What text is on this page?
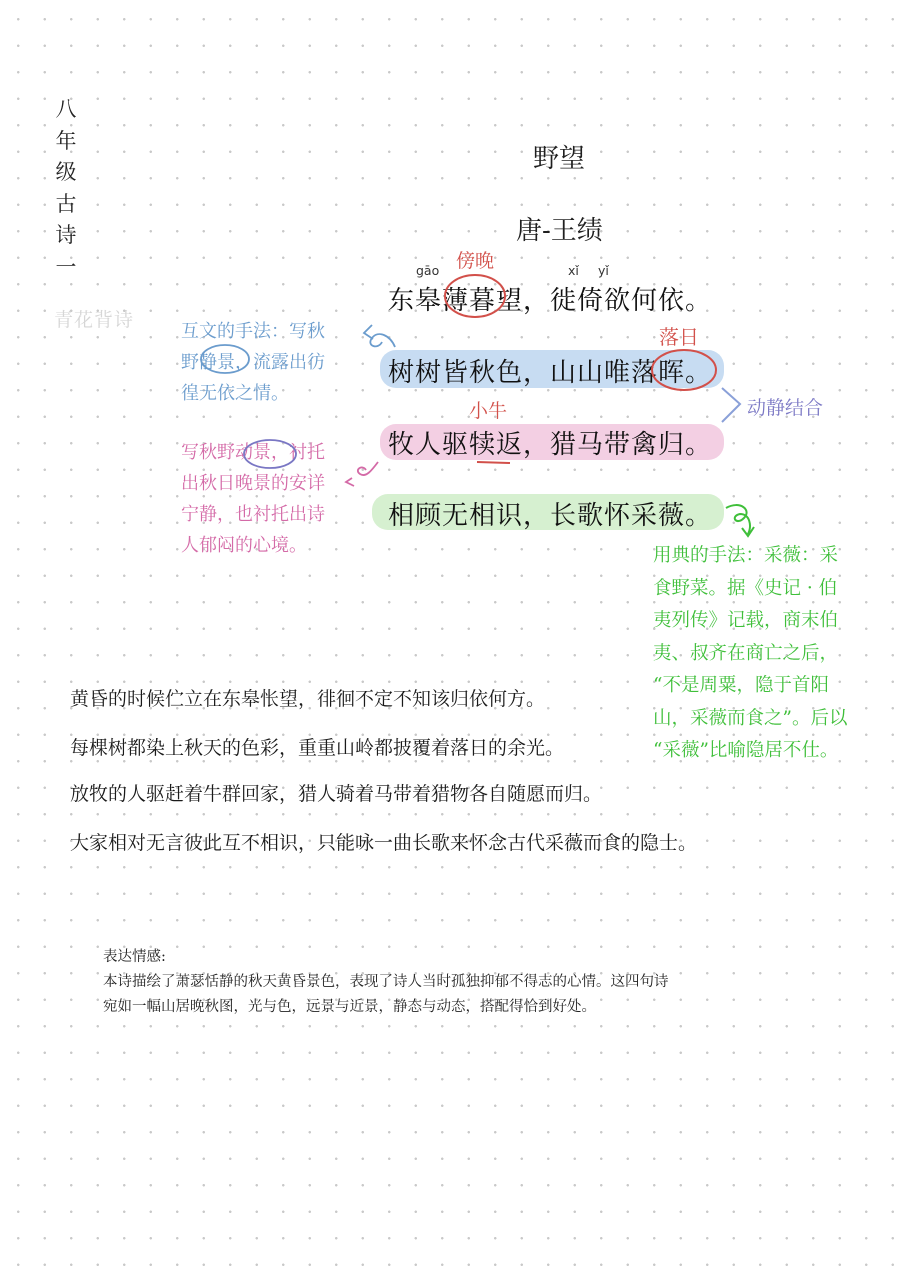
八
年
级
古
诗
一
青花背诗
野望
唐-王绩
gāo	xǐ yǐ
傍晚
落日
小牛
东皋薄暮望，徙倚欲何依。
树树皆秋色，山山唯落晖。
牧人驱犊返，猎马带禽归。
相顾无相识，长歌怀采薇。
互文的手法：写秋
野静景，流露出彷
徨无依之情。
写秋野动景，衬托
出秋日晚景的安详
宁静，也衬托出诗
人郁闷的心境。
动静结合
用典的手法：采薇：采
食野菜。据《史记 · 伯
夷列传》记载，商末伯
夷、叔齐在商亡之后，
“不是周粟，隐于首阳
山，采薇而食之”。后以
“采薇”比喻隐居不仕。
黄昏的时候伫立在东皋怅望，徘徊不定不知该归依何方。
每棵树都染上秋天的色彩，重重山岭都披覆着落日的余光。
放牧的人驱赶着牛群回家，猎人骑着马带着猎物各自随愿而归。
大家相对无言彼此互不相识，只能咏一曲长歌来怀念古代采薇而食的隐士。
表达情感:
本诗描绘了萧瑟恬静的秋天黄昏景色，表现了诗人当时孤独抑郁不得志的心情。这四句诗
宛如一幅山居晚秋图，光与色，远景与近景，静态与动态，搭配得恰到好处。
